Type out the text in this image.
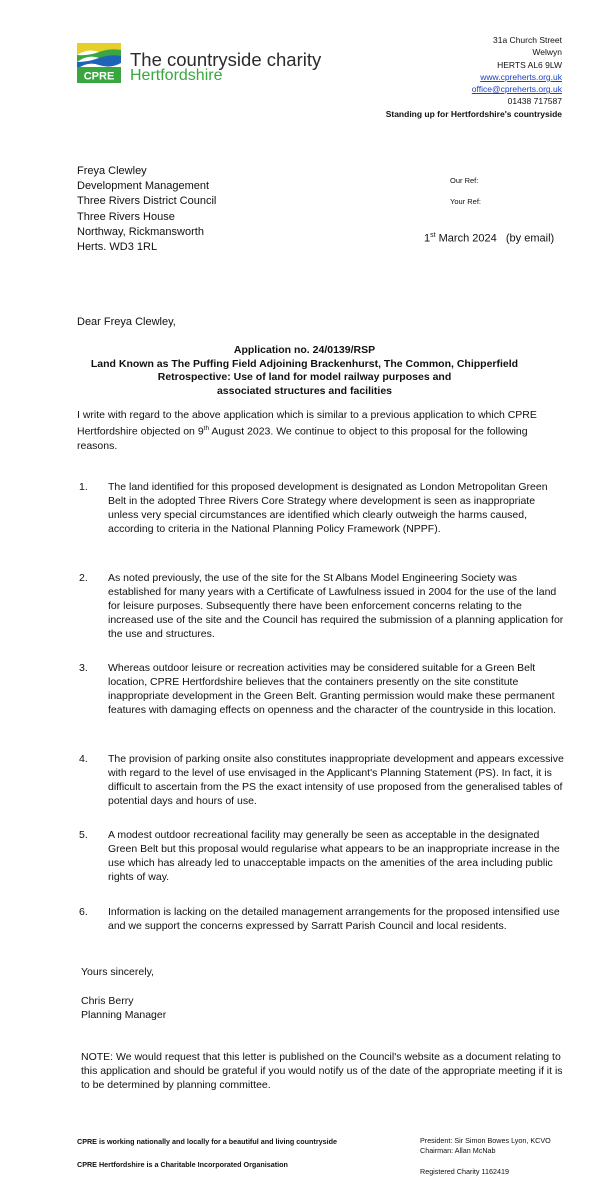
CPRE
The countryside charity
Hertfordshire
31a Church Street
Welwyn
HERTS AL6 9LW
www.cpreherts.org.uk
office@cpreherts.org.uk
01438 717587
Standing up for Hertfordshire's countryside
Freya Clewley
Development Management
Three Rivers District Council
Three Rivers House
Northway, Rickmansworth
Herts. WD3 1RL
Our Ref:
Your Ref:
1st March 2024   (by email)
Dear Freya Clewley,
Application no. 24/0139/RSP
Land Known as The Puffing Field Adjoining Brackenhurst, The Common, Chipperfield
Retrospective: Use of land for model railway purposes and
associated structures and facilities
I write with regard to the above application which is similar to a previous application to which CPRE Hertfordshire objected on 9th August 2023. We continue to object to this proposal for the following reasons.
1. The land identified for this proposed development is designated as London Metropolitan Green Belt in the adopted Three Rivers Core Strategy where development is seen as inappropriate unless very special circumstances are identified which clearly outweigh the harms caused, according to criteria in the National Planning Policy Framework (NPPF).
2. As noted previously, the use of the site for the St Albans Model Engineering Society was established for many years with a Certificate of Lawfulness issued in 2004 for the use of the land for leisure purposes. Subsequently there have been enforcement concerns relating to the increased use of the site and the Council has required the submission of a planning application for the use and structures.
3. Whereas outdoor leisure or recreation activities may be considered suitable for a Green Belt location, CPRE Hertfordshire believes that the containers presently on the site constitute inappropriate development in the Green Belt. Granting permission would make these permanent features with damaging effects on openness and the character of the countryside in this location.
4. The provision of parking onsite also constitutes inappropriate development and appears excessive with regard to the level of use envisaged in the Applicant's Planning Statement (PS). In fact, it is difficult to ascertain from the PS the exact intensity of use proposed from the generalised tables of potential days and hours of use.
5. A modest outdoor recreational facility may generally be seen as acceptable in the designated Green Belt but this proposal would regularise what appears to be an inappropriate increase in the use which has already led to unacceptable impacts on the amenities of the area including public rights of way.
6. Information is lacking on the detailed management arrangements for the proposed intensified use and we support the concerns expressed by Sarratt Parish Council and local residents.
Yours sincerely,
Chris Berry
Planning Manager
NOTE: We would request that this letter is published on the Council's website as a document relating to this application and should be grateful if you would notify us of the date of the appropriate meeting if it is to be determined by planning committee.
CPRE is working nationally and locally for a beautiful and living countryside
CPRE Hertfordshire is a Charitable Incorporated Organisation
President: Sir Simon Bowes Lyon, KCVO
Chairman: Allan McNab
Registered Charity 1162419
